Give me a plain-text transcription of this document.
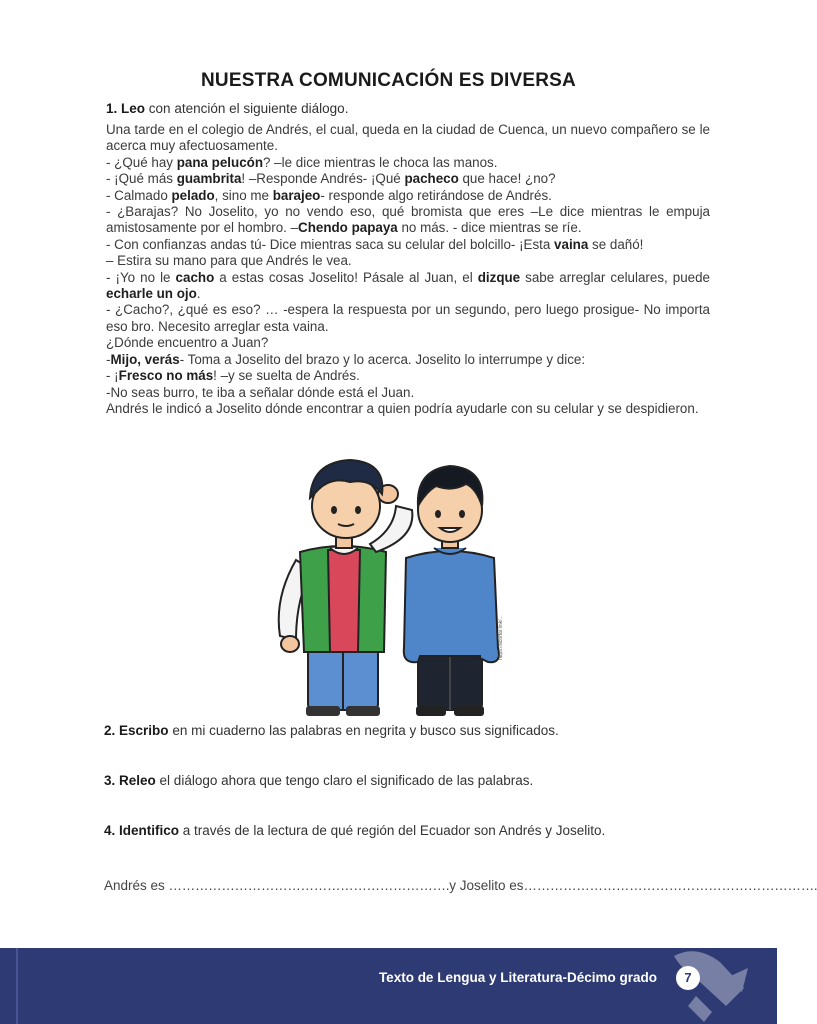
NUESTRA COMUNICACIÓN ES DIVERSA
1. Leo con atención el siguiente diálogo.

Una tarde en el colegio de Andrés, el cual, queda en la ciudad de Cuenca, un nuevo compañero se le acerca muy afectuosamente.

- ¿Qué hay pana pelucón? –le dice mientras le choca las manos.

- ¡Qué más guambrita! –Responde Andrés- ¡Qué pacheco que hace! ¿no?

- Calmado pelado, sino me barajeo- responde algo retirándose de Andrés.

- ¿Barajas? No Joselito, yo no vendo eso, qué bromista que eres –Le dice mientras le empuja amistosamente por el hombro. –Chendo papaya no más. - dice mientras se ríe.

- Con confianzas andas tú- Dice mientras saca su celular del bolcillo- ¡Esta vaina se dañó!

– Estira su mano para que Andrés le vea.

- ¡Yo no le cacho a estas cosas Joselito! Pásale al Juan, el dizque sabe arreglar celulares, puede echarle un ojo.

- ¿Cacho?, ¿qué es eso? … -espera la respuesta por un segundo, pero luego prosigue- No importa eso bro. Necesito arreglar esta vaina.

¿Dónde encuentro a Juan?

-Mijo, verás- Toma a Joselito del brazo y lo acerca. Joselito lo interrumpe y dice:

- ¡Fresco no más! –y se suelta de Andrés.

-No seas burro, te iba a señalar dónde está el Juan.

Andrés le indicó a Joselito dónde encontrar a quien podría ayudarle con su celular y se despidieron.

https://acortar.link/...
2. Escribo en mi cuaderno las palabras en negrita y busco sus significados.
3. Releo el diálogo ahora que tengo claro el significado de las palabras.
4. Identifico a través de la lectura de qué región del Ecuador son Andrés y Joselito.
Andrés es ……………………………………………………….y Joselito es………………………………………………………….
Texto de Lengua y Literatura-Décimo grado	7
